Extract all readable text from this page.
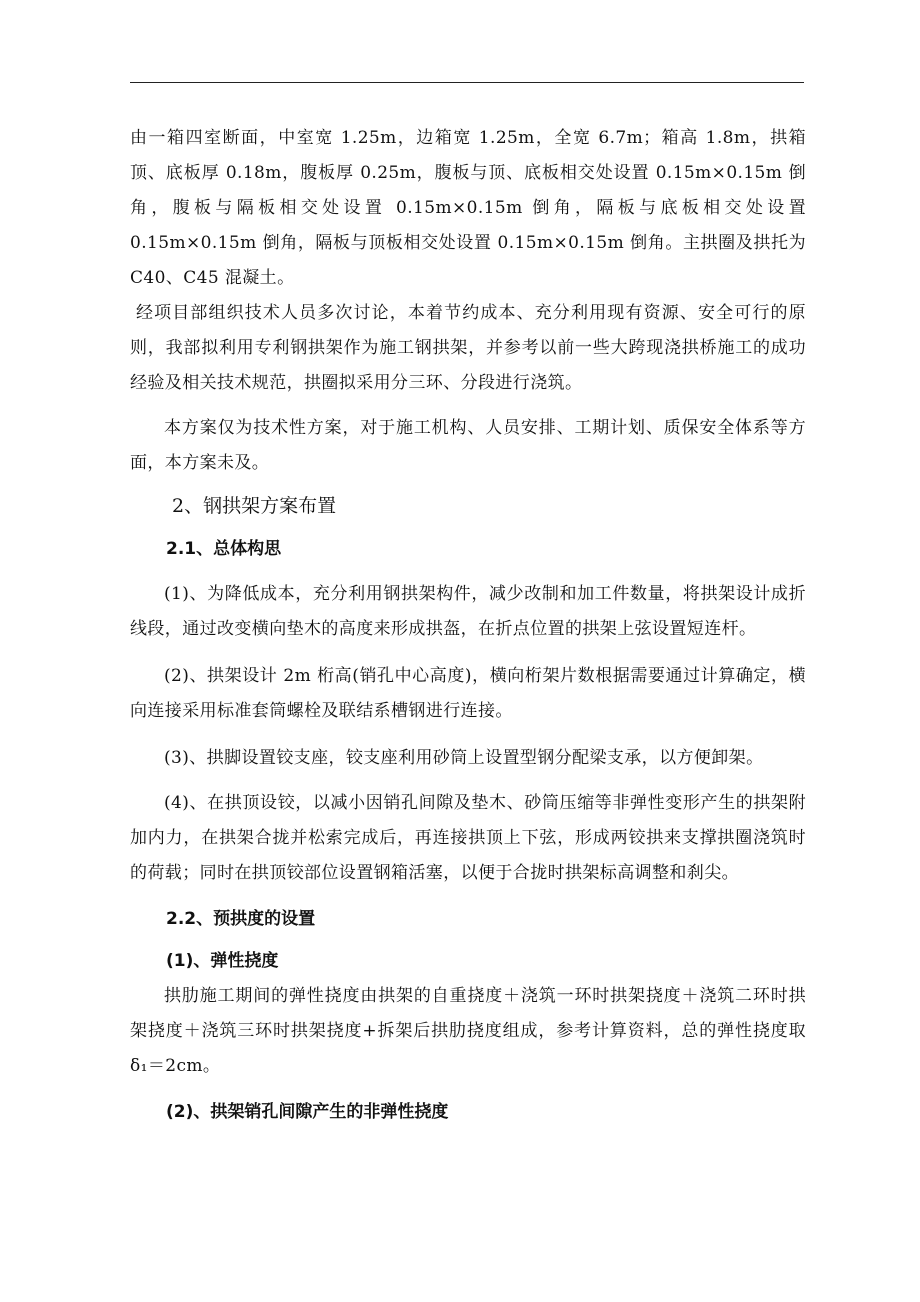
由一箱四室断面，中室宽 1.25m，边箱宽 1.25m，全宽 6.7m；箱高 1.8m，拱箱顶、底板厚 0.18m，腹板厚 0.25m，腹板与顶、底板相交处设置 0.15m×0.15m 倒角，腹板与隔板相交处设置 0.15m×0.15m 倒角，隔板与底板相交处设置 0.15m×0.15m 倒角，隔板与顶板相交处设置 0.15m×0.15m 倒角。主拱圈及拱托为 C40、C45 混凝土。

经项目部组织技术人员多次讨论，本着节约成本、充分利用现有资源、安全可行的原则，我部拟利用专利钢拱架作为施工钢拱架，并参考以前一些大跨现浇拱桥施工的成功经验及相关技术规范，拱圈拟采用分三环、分段进行浇筑。

本方案仅为技术性方案，对于施工机构、人员安排、工期计划、质保安全体系等方面，本方案未及。

2、钢拱架方案布置

2.1、总体构思

(1)、为降低成本，充分利用钢拱架构件，减少改制和加工件数量，将拱架设计成折线段，通过改变横向垫木的高度来形成拱盔，在折点位置的拱架上弦设置短连杆。

(2)、拱架设计 2m 桁高(销孔中心高度)，横向桁架片数根据需要通过计算确定，横向连接采用标准套筒螺栓及联结系槽钢进行连接。

(3)、拱脚设置铰支座，铰支座利用砂筒上设置型钢分配梁支承，以方便卸架。

(4)、在拱顶设铰，以减小因销孔间隙及垫木、砂筒压缩等非弹性变形产生的拱架附加内力，在拱架合拢并松索完成后，再连接拱顶上下弦，形成两铰拱来支撑拱圈浇筑时的荷载；同时在拱顶铰部位设置钢箱活塞，以便于合拢时拱架标高调整和刹尖。

2.2、预拱度的设置

(1)、弹性挠度

拱肋施工期间的弹性挠度由拱架的自重挠度＋浇筑一环时拱架挠度＋浇筑二环时拱架挠度＋浇筑三环时拱架挠度+拆架后拱肋挠度组成，参考计算资料，总的弹性挠度取δ₁＝2cm。

(2)、拱架销孔间隙产生的非弹性挠度
